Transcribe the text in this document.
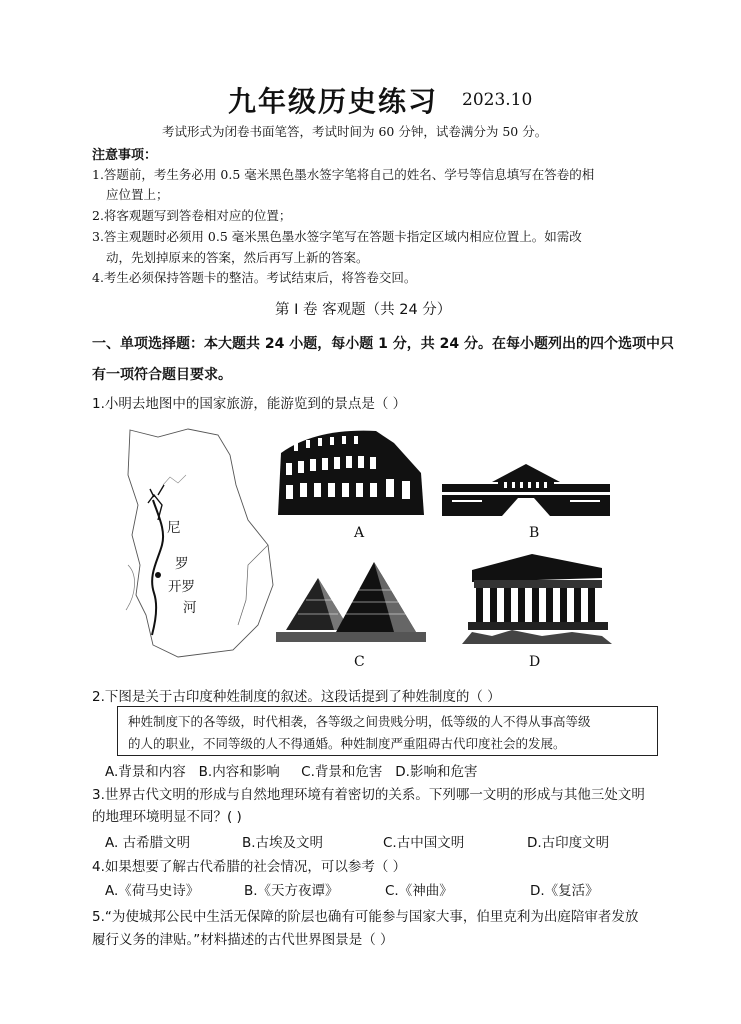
九年级历史练习 2023.10
考试形式为闭卷书面笔答，考试时间为 60 分钟，试卷满分为 50 分。
注意事项：
1.答题前，考生务必用 0.5 毫米黑色墨水签字笔将自己的姓名、学号等信息填写在答卷的相
应位置上；
2.将客观题写到答卷相对应的位置；
3.答主观题时必须用 0.5 毫米黑色墨水签字笔写在答题卡指定区域内相应位置上。如需改
动，先划掉原来的答案，然后再写上新的答案。
4.考生必须保持答题卡的整洁。考试结束后，将答卷交回。
第 I 卷 客观题（共 24 分）
一、单项选择题：本大题共 24 小题，每小题 1 分，共 24 分。在每小题列出的四个选项中只
有一项符合题目要求。
1.小明去地图中的国家旅游，能游览到的景点是（ ）
尼
罗
开罗
河
A	B
C	D
2.下图是关于古印度种姓制度的叙述。这段话提到了种姓制度的（ ）
种姓制度下的各等级，时代相袭，各等级之间贵贱分明，低等级的人不得从事高等级
的人的职业，不同等级的人不得通婚。种姓制度严重阻碍古代印度社会的发展。
A.背景和内容   B.内容和影响     C.背景和危害   D.影响和危害
3.世界古代文明的形成与自然地理环境有着密切的关系。下列哪一文明的形成与其他三处文明
的地理环境明显不同？( )
A. 古希腊文明	B.古埃及文明	C.古中国文明	D.古印度文明
4.如果想要了解古代希腊的社会情况，可以参考（ ）
A.《荷马史诗》	B.《天方夜谭》	C.《神曲》	D.《复活》
5.“为使城邦公民中生活无保障的阶层也确有可能参与国家大事，伯里克利为出庭陪审者发放
履行义务的津贴。”材料描述的古代世界图景是（ ）
